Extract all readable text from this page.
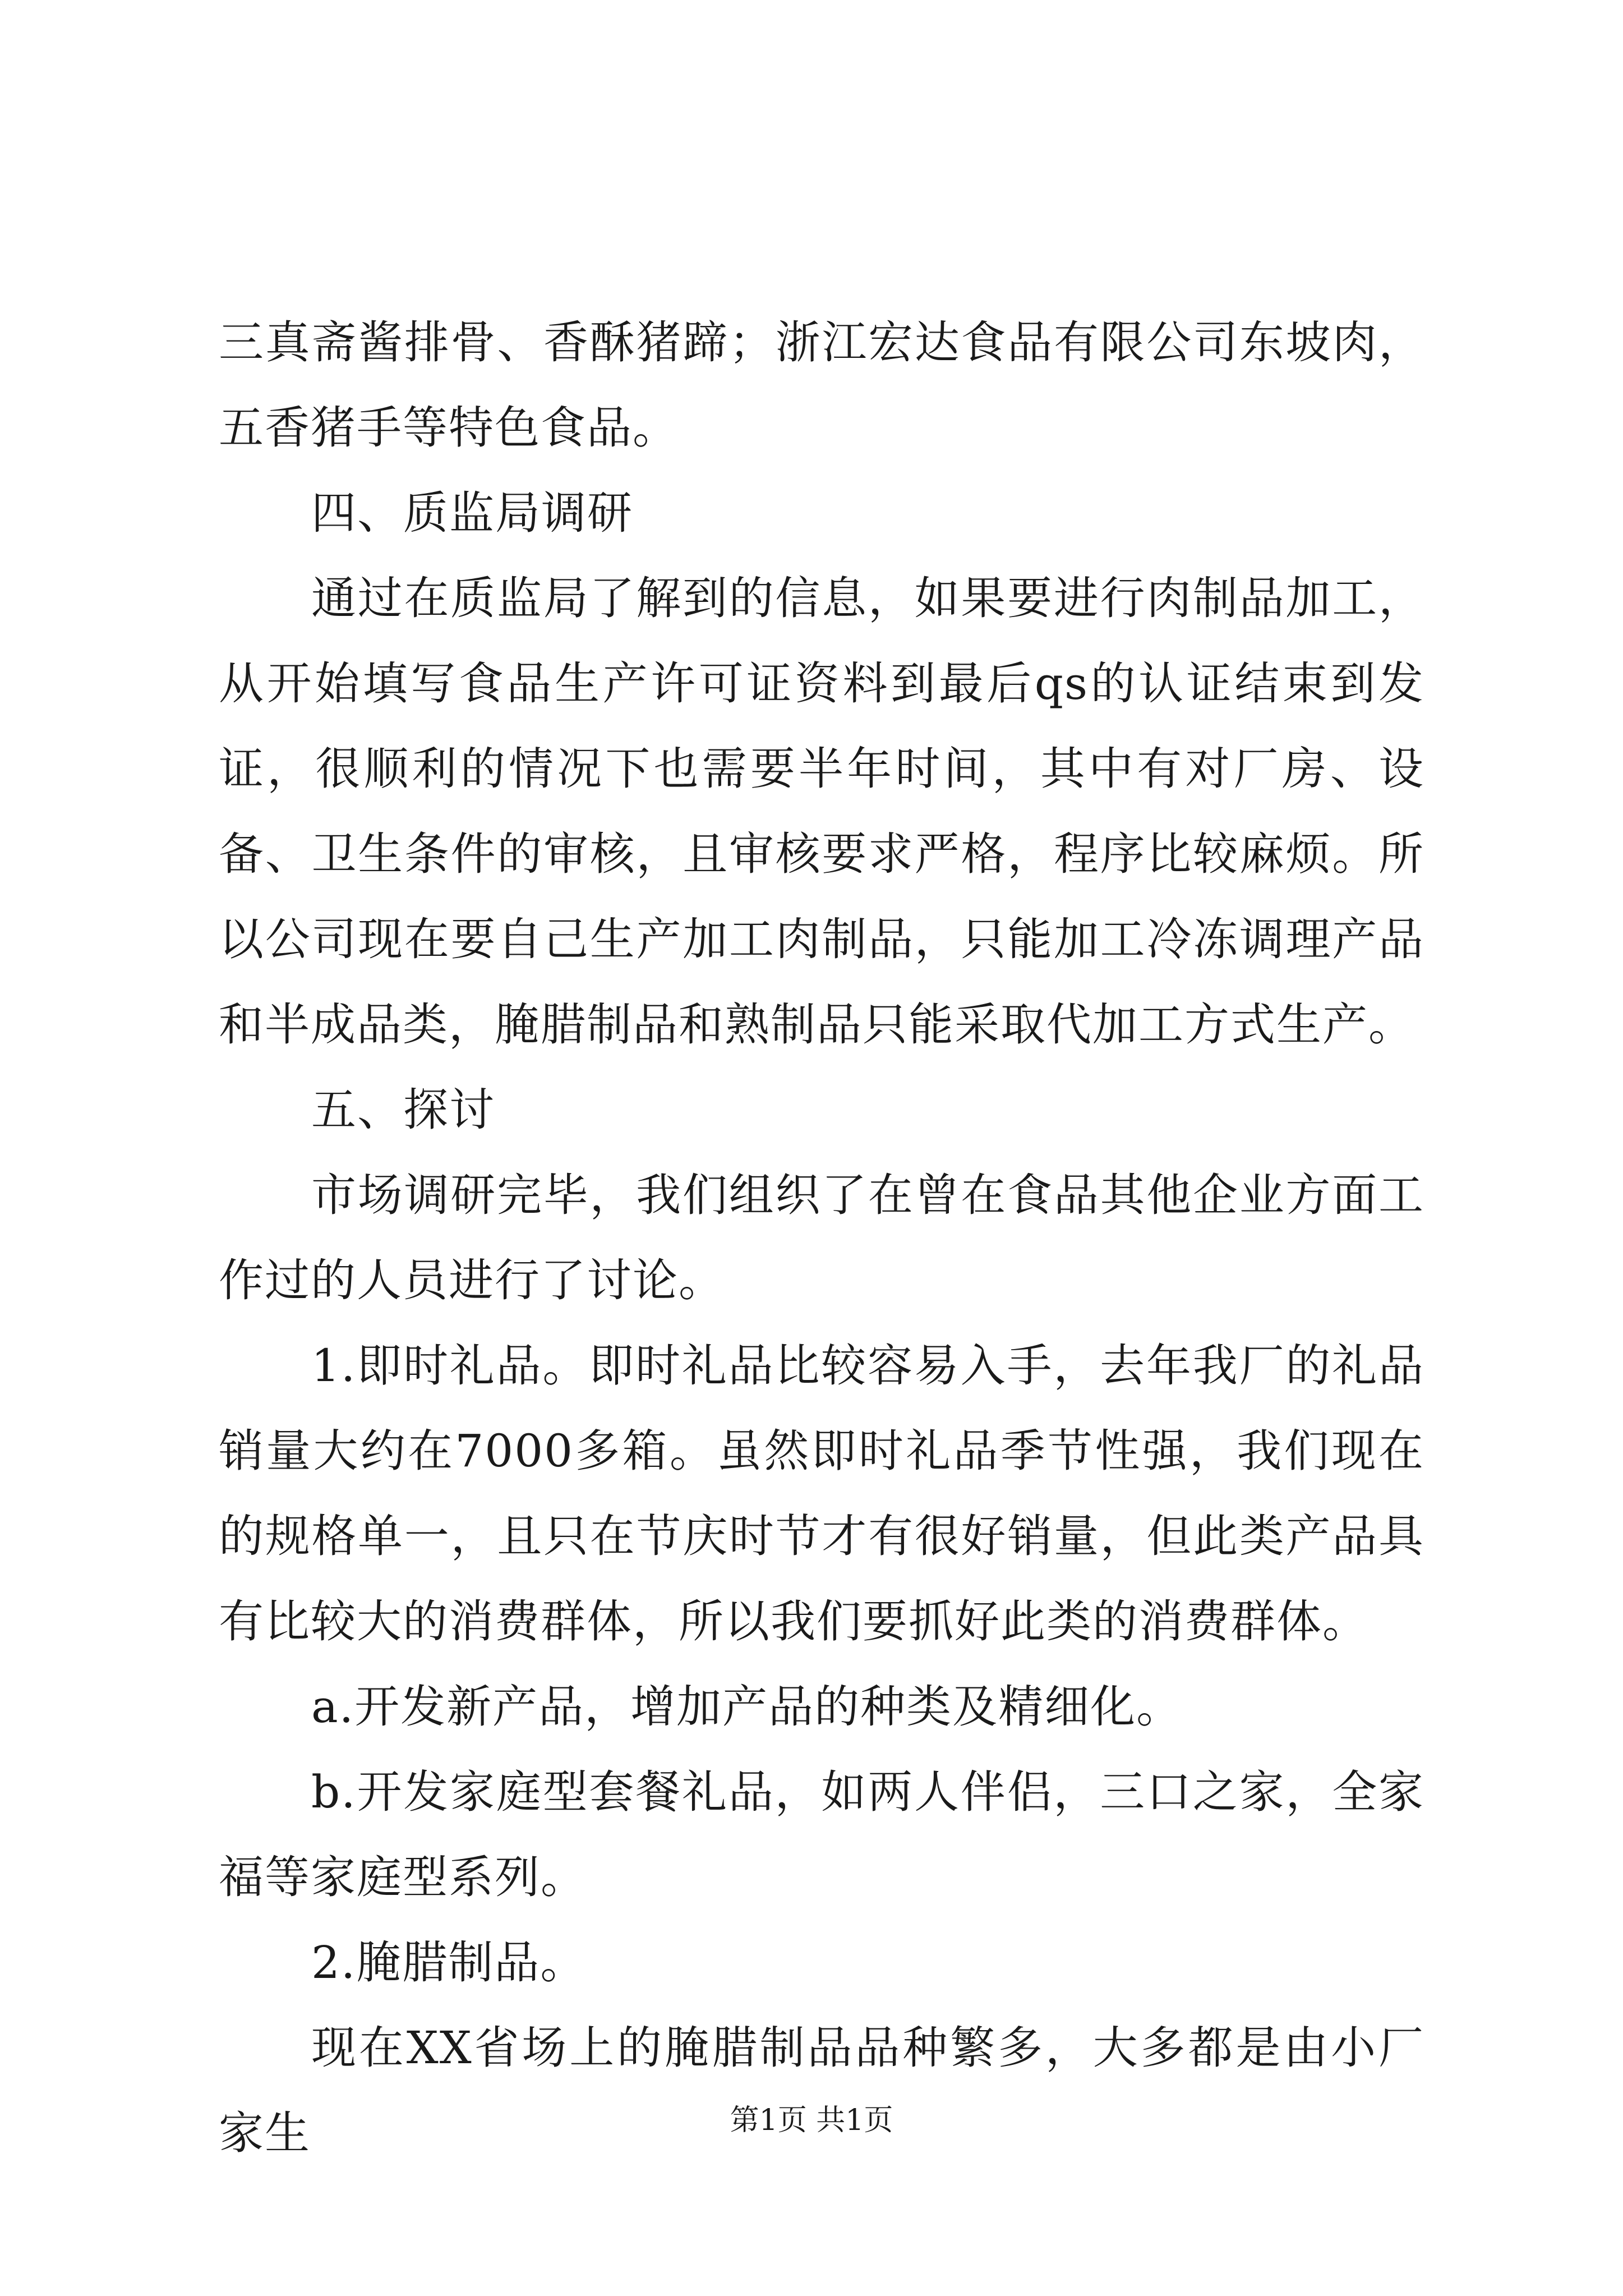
三真斋酱排骨、香酥猪蹄；浙江宏达食品有限公司东坡肉，五香猪手等特色食品。

四、质监局调研

通过在质监局了解到的信息，如果要进行肉制品加工，从开始填写食品生产许可证资料到最后qs的认证结束到发证，很顺利的情况下也需要半年时间，其中有对厂房、设备、卫生条件的审核，且审核要求严格，程序比较麻烦。所以公司现在要自己生产加工肉制品，只能加工冷冻调理产品和半成品类，腌腊制品和熟制品只能采取代加工方式生产。

五、探讨

市场调研完毕，我们组织了在曾在食品其他企业方面工作过的人员进行了讨论。

1.即时礼品。即时礼品比较容易入手，去年我厂的礼品销量大约在7000多箱。虽然即时礼品季节性强，我们现在的规格单一，且只在节庆时节才有很好销量，但此类产品具有比较大的消费群体，所以我们要抓好此类的消费群体。

a.开发新产品，增加产品的种类及精细化。

b.开发家庭型套餐礼品，如两人伴侣，三口之家，全家福等家庭型系列。

2.腌腊制品。

现在XX省场上的腌腊制品品种繁多，大多都是由小厂家生	第1页 共1页
